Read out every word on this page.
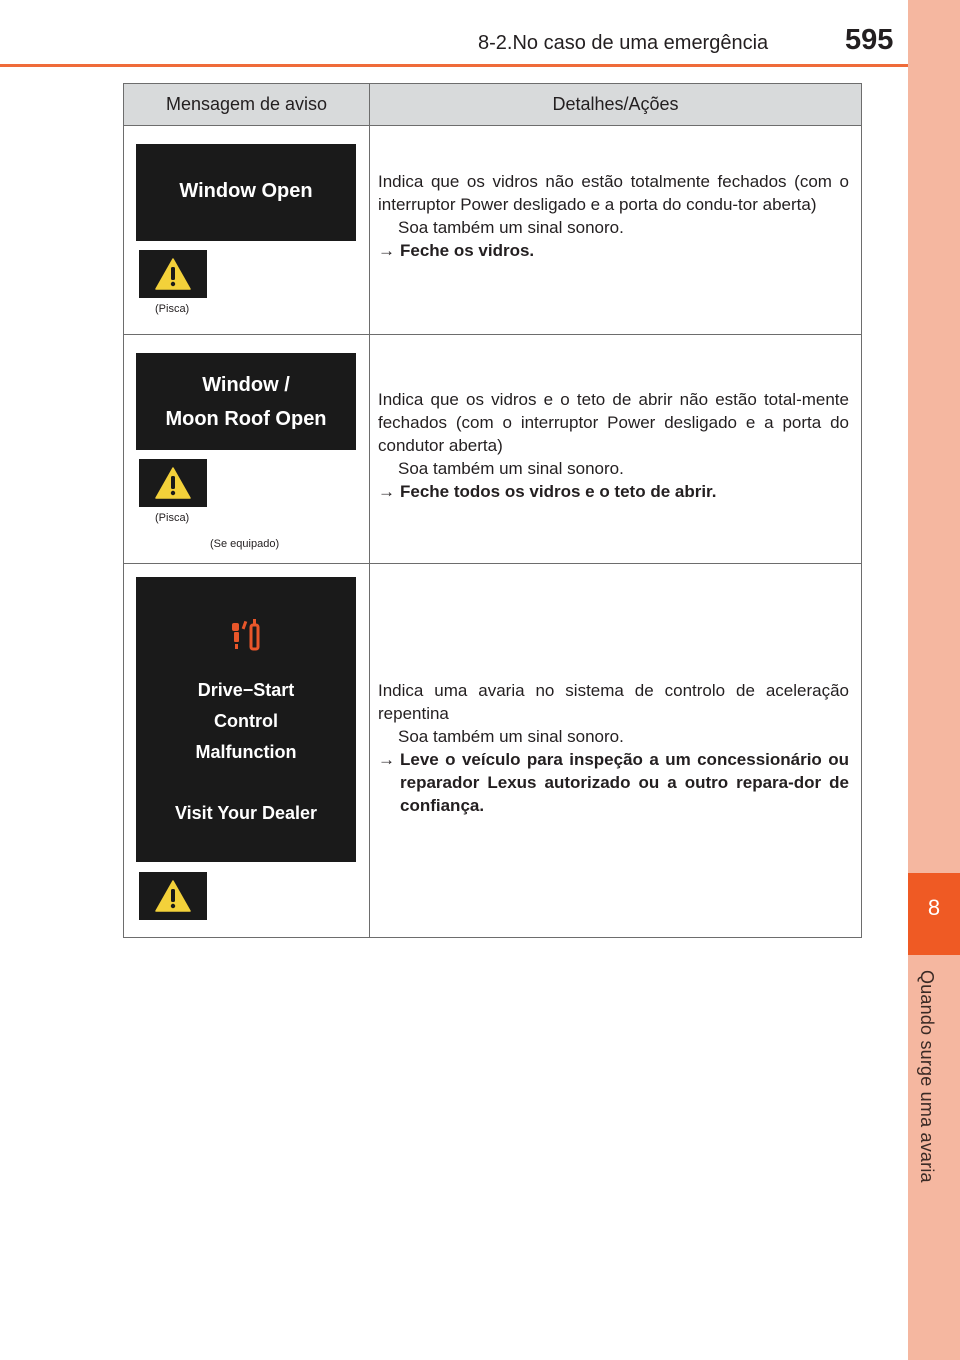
8-2.No caso de uma emergência	595
8
Quando surge uma avaria
Mensagem de aviso	Detalhes/Ações
Window Open
(Pisca)
Indica que os vidros não estão totalmente fechados (com o interruptor Power desligado e a porta do condu-tor aberta)
Soa também um sinal sonoro.
→ Feche os vidros.
Window /
Moon Roof Open
(Pisca)
(Se equipado)
Indica que os vidros e o teto de abrir não estão total-mente fechados (com o interruptor Power desligado e a porta do condutor aberta)
Soa também um sinal sonoro.
→ Feche todos os vidros e o teto de abrir.
Drive−Start
Control
Malfunction
Visit Your Dealer
Indica uma avaria no sistema de controlo de aceleração repentina
Soa também um sinal sonoro.
→ Leve o veículo para inspeção a um concessionário ou reparador Lexus autorizado ou a outro repara-dor de confiança.
